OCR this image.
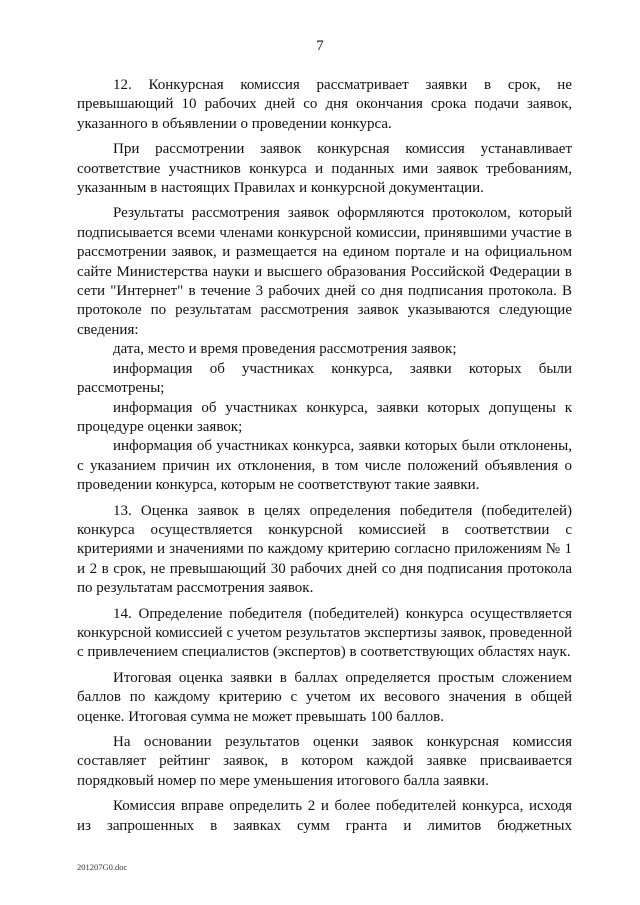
7

12. Конкурсная комиссия рассматривает заявки в срок, не превышающий 10 рабочих дней со дня окончания срока подачи заявок, указанного в объявлении о проведении конкурса.

При рассмотрении заявок конкурсная комиссия устанавливает соответствие участников конкурса и поданных ими заявок требованиям, указанным в настоящих Правилах и конкурсной документации.

Результаты рассмотрения заявок оформляются протоколом, который подписывается всеми членами конкурсной комиссии, принявшими участие в рассмотрении заявок, и размещается на едином портале и на официальном сайте Министерства науки и высшего образования Российской Федерации в сети "Интернет" в течение 3 рабочих дней со дня подписания протокола. В протоколе по результатам рассмотрения заявок указываются следующие сведения:

дата, место и время проведения рассмотрения заявок;

информация об участниках конкурса, заявки которых были рассмотрены;

информация об участниках конкурса, заявки которых допущены к процедуре оценки заявок;

информация об участниках конкурса, заявки которых были отклонены, с указанием причин их отклонения, в том числе положений объявления о проведении конкурса, которым не соответствуют такие заявки.

13. Оценка заявок в целях определения победителя (победителей) конкурса осуществляется конкурсной комиссией в соответствии с критериями и значениями по каждому критерию согласно приложениям № 1 и 2 в срок, не превышающий 30 рабочих дней со дня подписания протокола по результатам рассмотрения заявок.

14. Определение победителя (победителей) конкурса осуществляется конкурсной комиссией с учетом результатов экспертизы заявок, проведенной с привлечением специалистов (экспертов) в соответствующих областях наук.

Итоговая оценка заявки в баллах определяется простым сложением баллов по каждому критерию с учетом их весового значения в общей оценке. Итоговая сумма не может превышать 100 баллов.

На основании результатов оценки заявок конкурсная комиссия составляет рейтинг заявок, в котором каждой заявке присваивается порядковый номер по мере уменьшения итогового балла заявки.

Комиссия вправе определить 2 и более победителей конкурса, исходя из запрошенных в заявках сумм гранта и лимитов бюджетных

201207G0.doc
